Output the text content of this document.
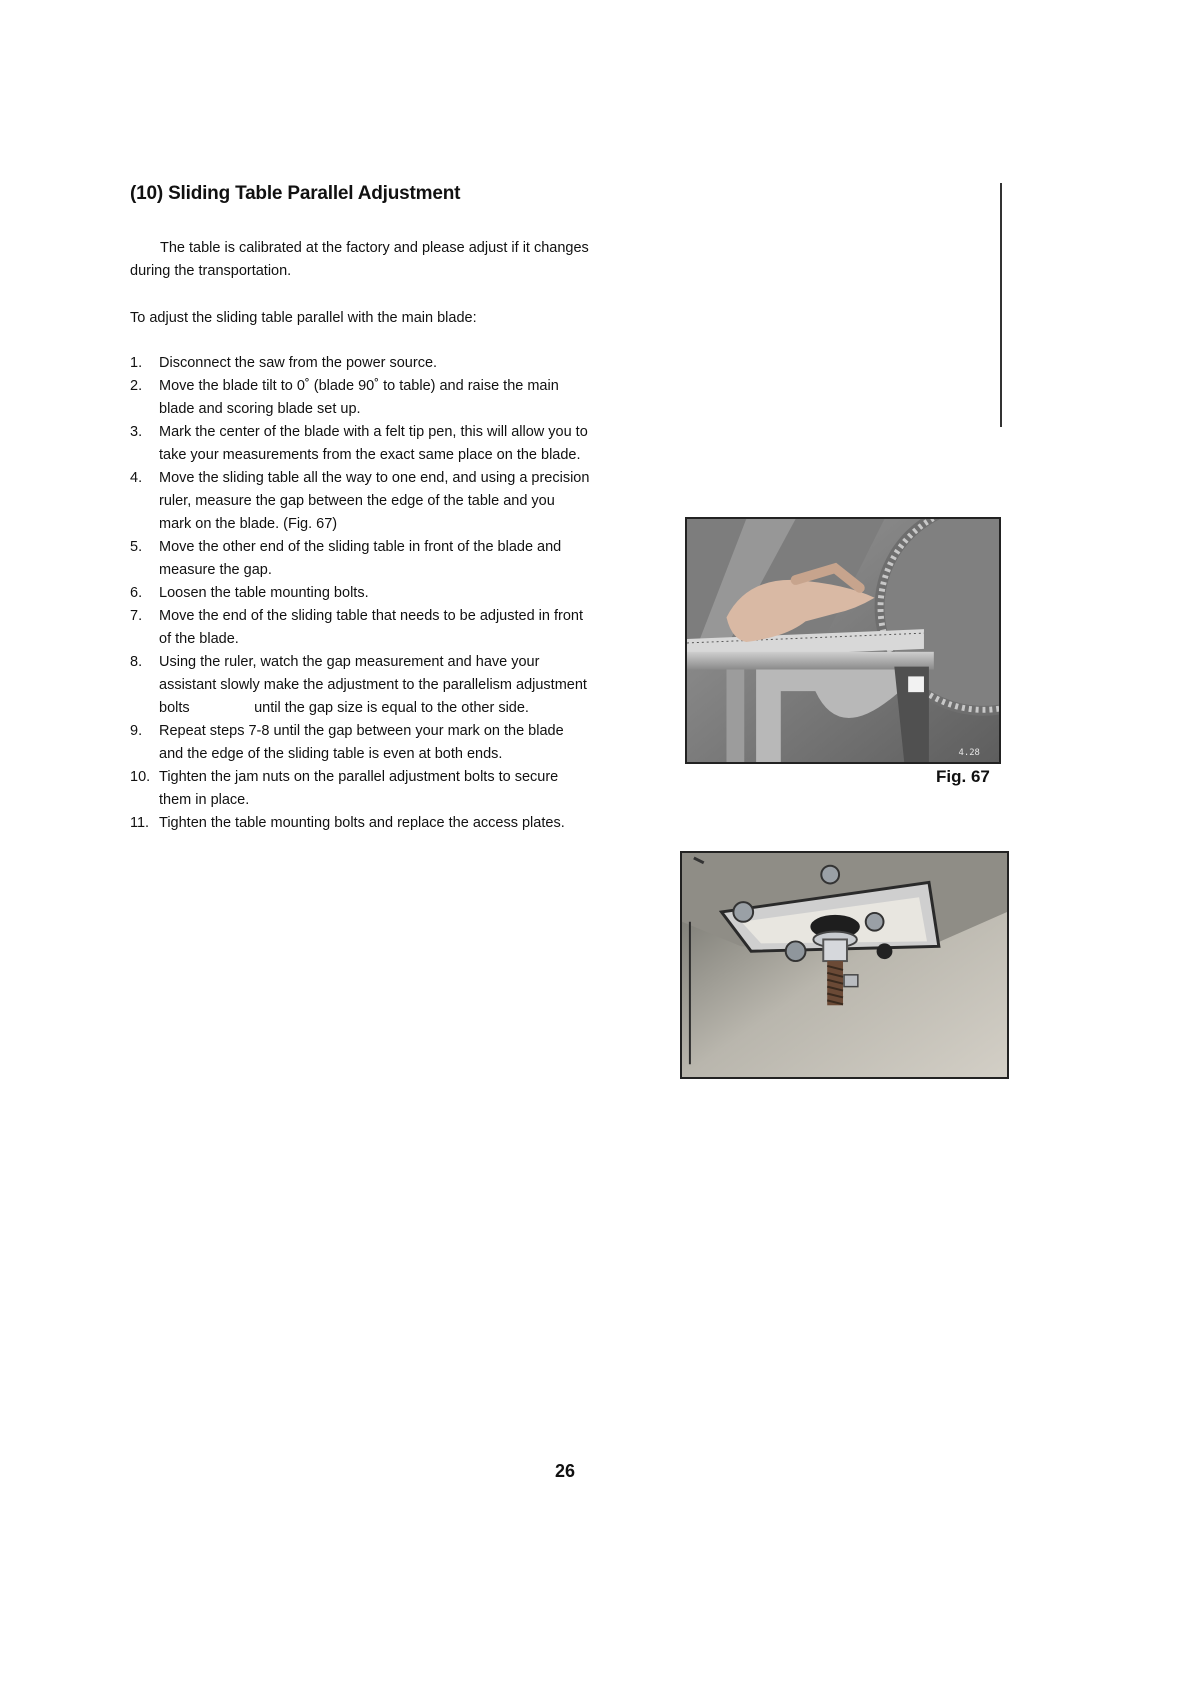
(10) Sliding Table Parallel Adjustment

The table is calibrated at the factory and please adjust if it changes during the transportation.

To adjust the sliding table parallel with the main blade:

1. Disconnect the saw from the power source.
2. Move the blade tilt to 0˚ (blade 90˚ to table) and raise the main blade and scoring blade set up.
3. Mark the center of the blade with a felt tip pen, this will allow you to take your measurements from the exact same place on the blade.
4. Move the sliding table all the way to one end, and using a precision ruler, measure the gap between the edge of the table and you mark on the blade. (Fig. 67)
5. Move the other end of the sliding table in front of the blade and measure the gap.
6. Loosen the table mounting bolts.
7. Move the end of the sliding table that needs to be adjusted in front of the blade.
8. Using the ruler, watch the gap measurement and have your assistant slowly make the adjustment to the parallelism adjustment bolts                until the gap size is equal to the other side.
9. Repeat steps 7-8 until the gap between your mark on the blade and the edge of the sliding table is even at both ends.
10. Tighten the jam nuts on the parallel adjustment bolts to secure them in place.
11. Tighten the table mounting bolts and replace the access plates.
4.28
Fig. 67
26
